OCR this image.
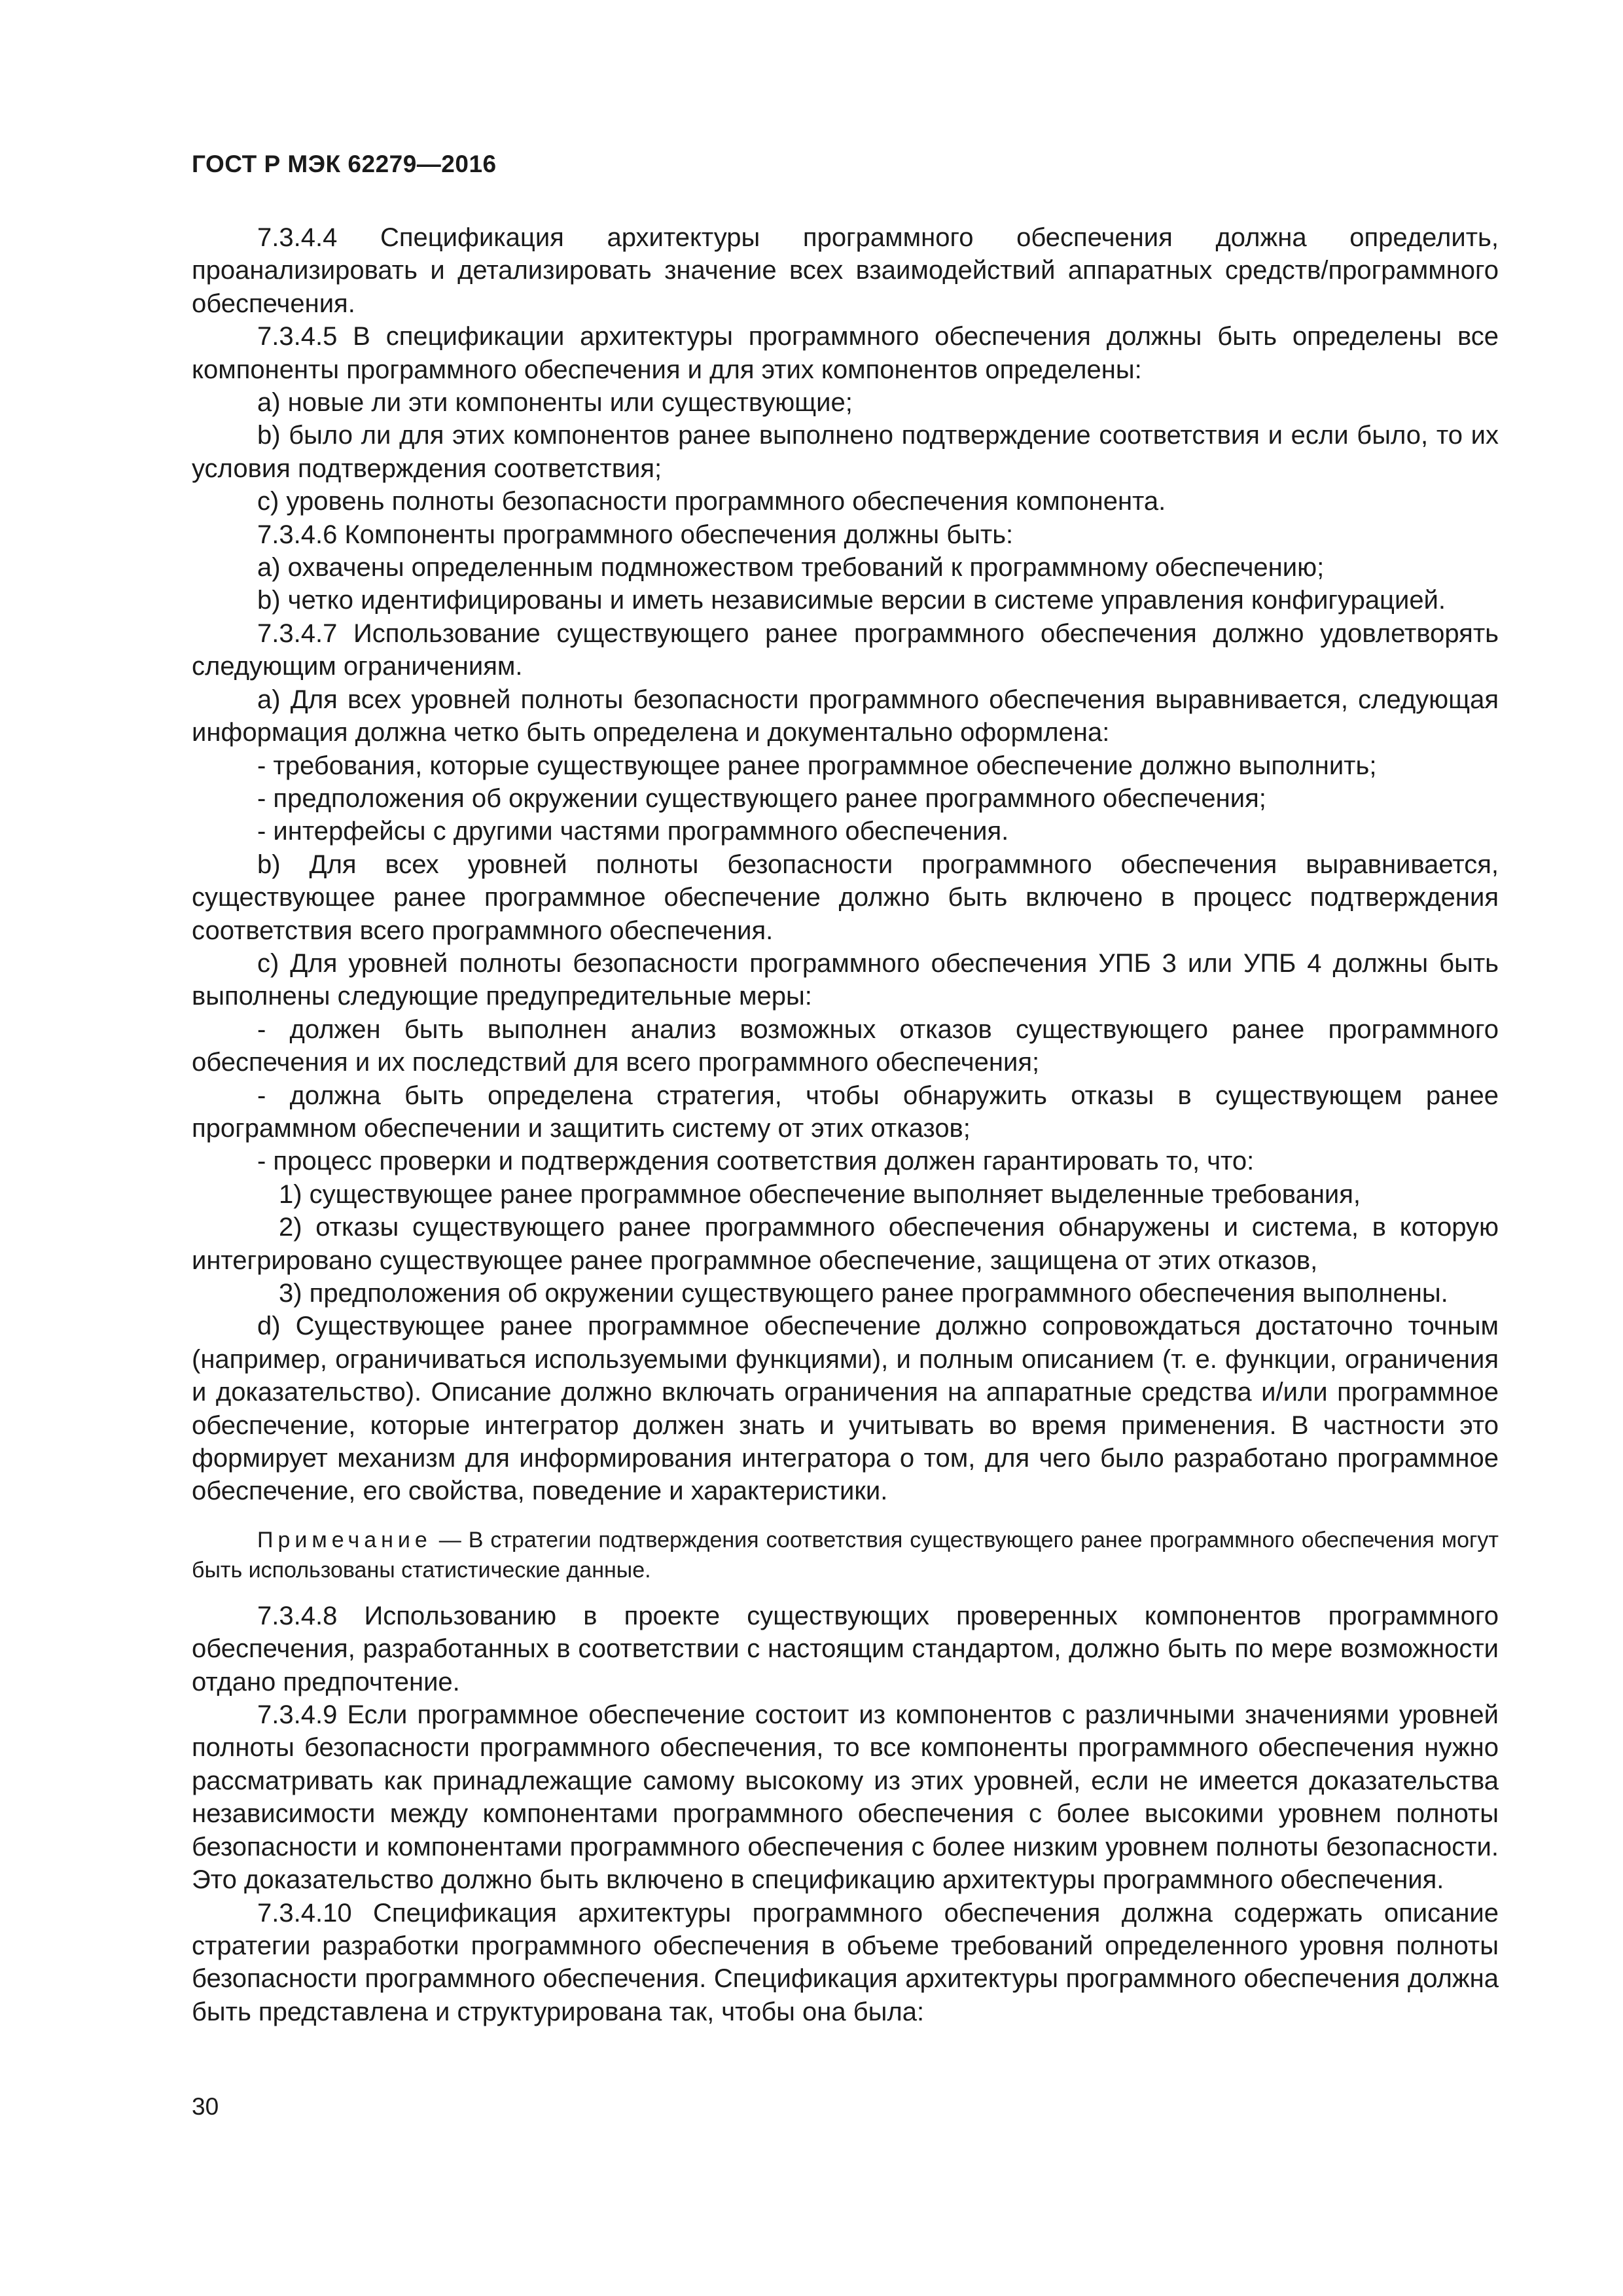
ГОСТ Р МЭК 62279—2016

7.3.4.4 Спецификация архитектуры программного обеспечения должна определить, проанализировать и детализировать значение всех взаимодействий аппаратных средств/программного обеспечения.

7.3.4.5 В спецификации архитектуры программного обеспечения должны быть определены все компоненты программного обеспечения и для этих компонентов определены:

a) новые ли эти компоненты или существующие;

b) было ли для этих компонентов ранее выполнено подтверждение соответствия и если было, то их условия подтверждения соответствия;

c) уровень полноты безопасности программного обеспечения компонента.

7.3.4.6 Компоненты программного обеспечения должны быть:

a) охвачены определенным подмножеством требований к программному обеспечению;

b) четко идентифицированы и иметь независимые версии в системе управления конфигурацией.

7.3.4.7 Использование существующего ранее программного обеспечения должно удовлетворять следующим ограничениям.

a) Для всех уровней полноты безопасности программного обеспечения выравнивается, следующая информация должна четко быть определена и документально оформлена:

- требования, которые существующее ранее программное обеспечение должно выполнить;

- предположения об окружении существующего ранее программного обеспечения;

- интерфейсы с другими частями программного обеспечения.

b) Для всех уровней полноты безопасности программного обеспечения выравнивается, существующее ранее программное обеспечение должно быть включено в процесс подтверждения соответствия всего программного обеспечения.

c) Для уровней полноты безопасности программного обеспечения УПБ 3 или УПБ 4 должны быть выполнены следующие предупредительные меры:

- должен быть выполнен анализ возможных отказов существующего ранее программного обеспечения и их последствий для всего программного обеспечения;

- должна быть определена стратегия, чтобы обнаружить отказы в существующем ранее программном обеспечении и защитить систему от этих отказов;

- процесс проверки и подтверждения соответствия должен гарантировать то, что:

1) существующее ранее программное обеспечение выполняет выделенные требования,

2) отказы существующего ранее программного обеспечения обнаружены и система, в которую интегрировано существующее ранее программное обеспечение, защищена от этих отказов,

3) предположения об окружении существующего ранее программного обеспечения выполнены.

d) Существующее ранее программное обеспечение должно сопровождаться достаточно точным (например, ограничиваться используемыми функциями), и полным описанием (т. е. функции, ограничения и доказательство). Описание должно включать ограничения на аппаратные средства и/или программное обеспечение, которые интегратор должен знать и учитывать во время применения. В частности это формирует механизм для информирования интегратора о том, для чего было разработано программное обеспечение, его свойства, поведение и характеристики.

Примечание — В стратегии подтверждения соответствия существующего ранее программного обеспечения могут быть использованы статистические данные.

7.3.4.8 Использованию в проекте существующих проверенных компонентов программного обеспечения, разработанных в соответствии с настоящим стандартом, должно быть по мере возможности отдано предпочтение.

7.3.4.9 Если программное обеспечение состоит из компонентов с различными значениями уровней полноты безопасности программного обеспечения, то все компоненты программного обеспечения нужно рассматривать как принадлежащие самому высокому из этих уровней, если не имеется доказательства независимости между компонентами программного обеспечения с более высокими уровнем полноты безопасности и компонентами программного обеспечения с более низким уровнем полноты безопасности. Это доказательство должно быть включено в спецификацию архитектуры программного обеспечения.

7.3.4.10 Спецификация архитектуры программного обеспечения должна содержать описание стратегии разработки программного обеспечения в объеме требований определенного уровня полноты безопасности программного обеспечения. Спецификация архитектуры программного обеспечения должна быть представлена и структурирована так, чтобы она была:

30
